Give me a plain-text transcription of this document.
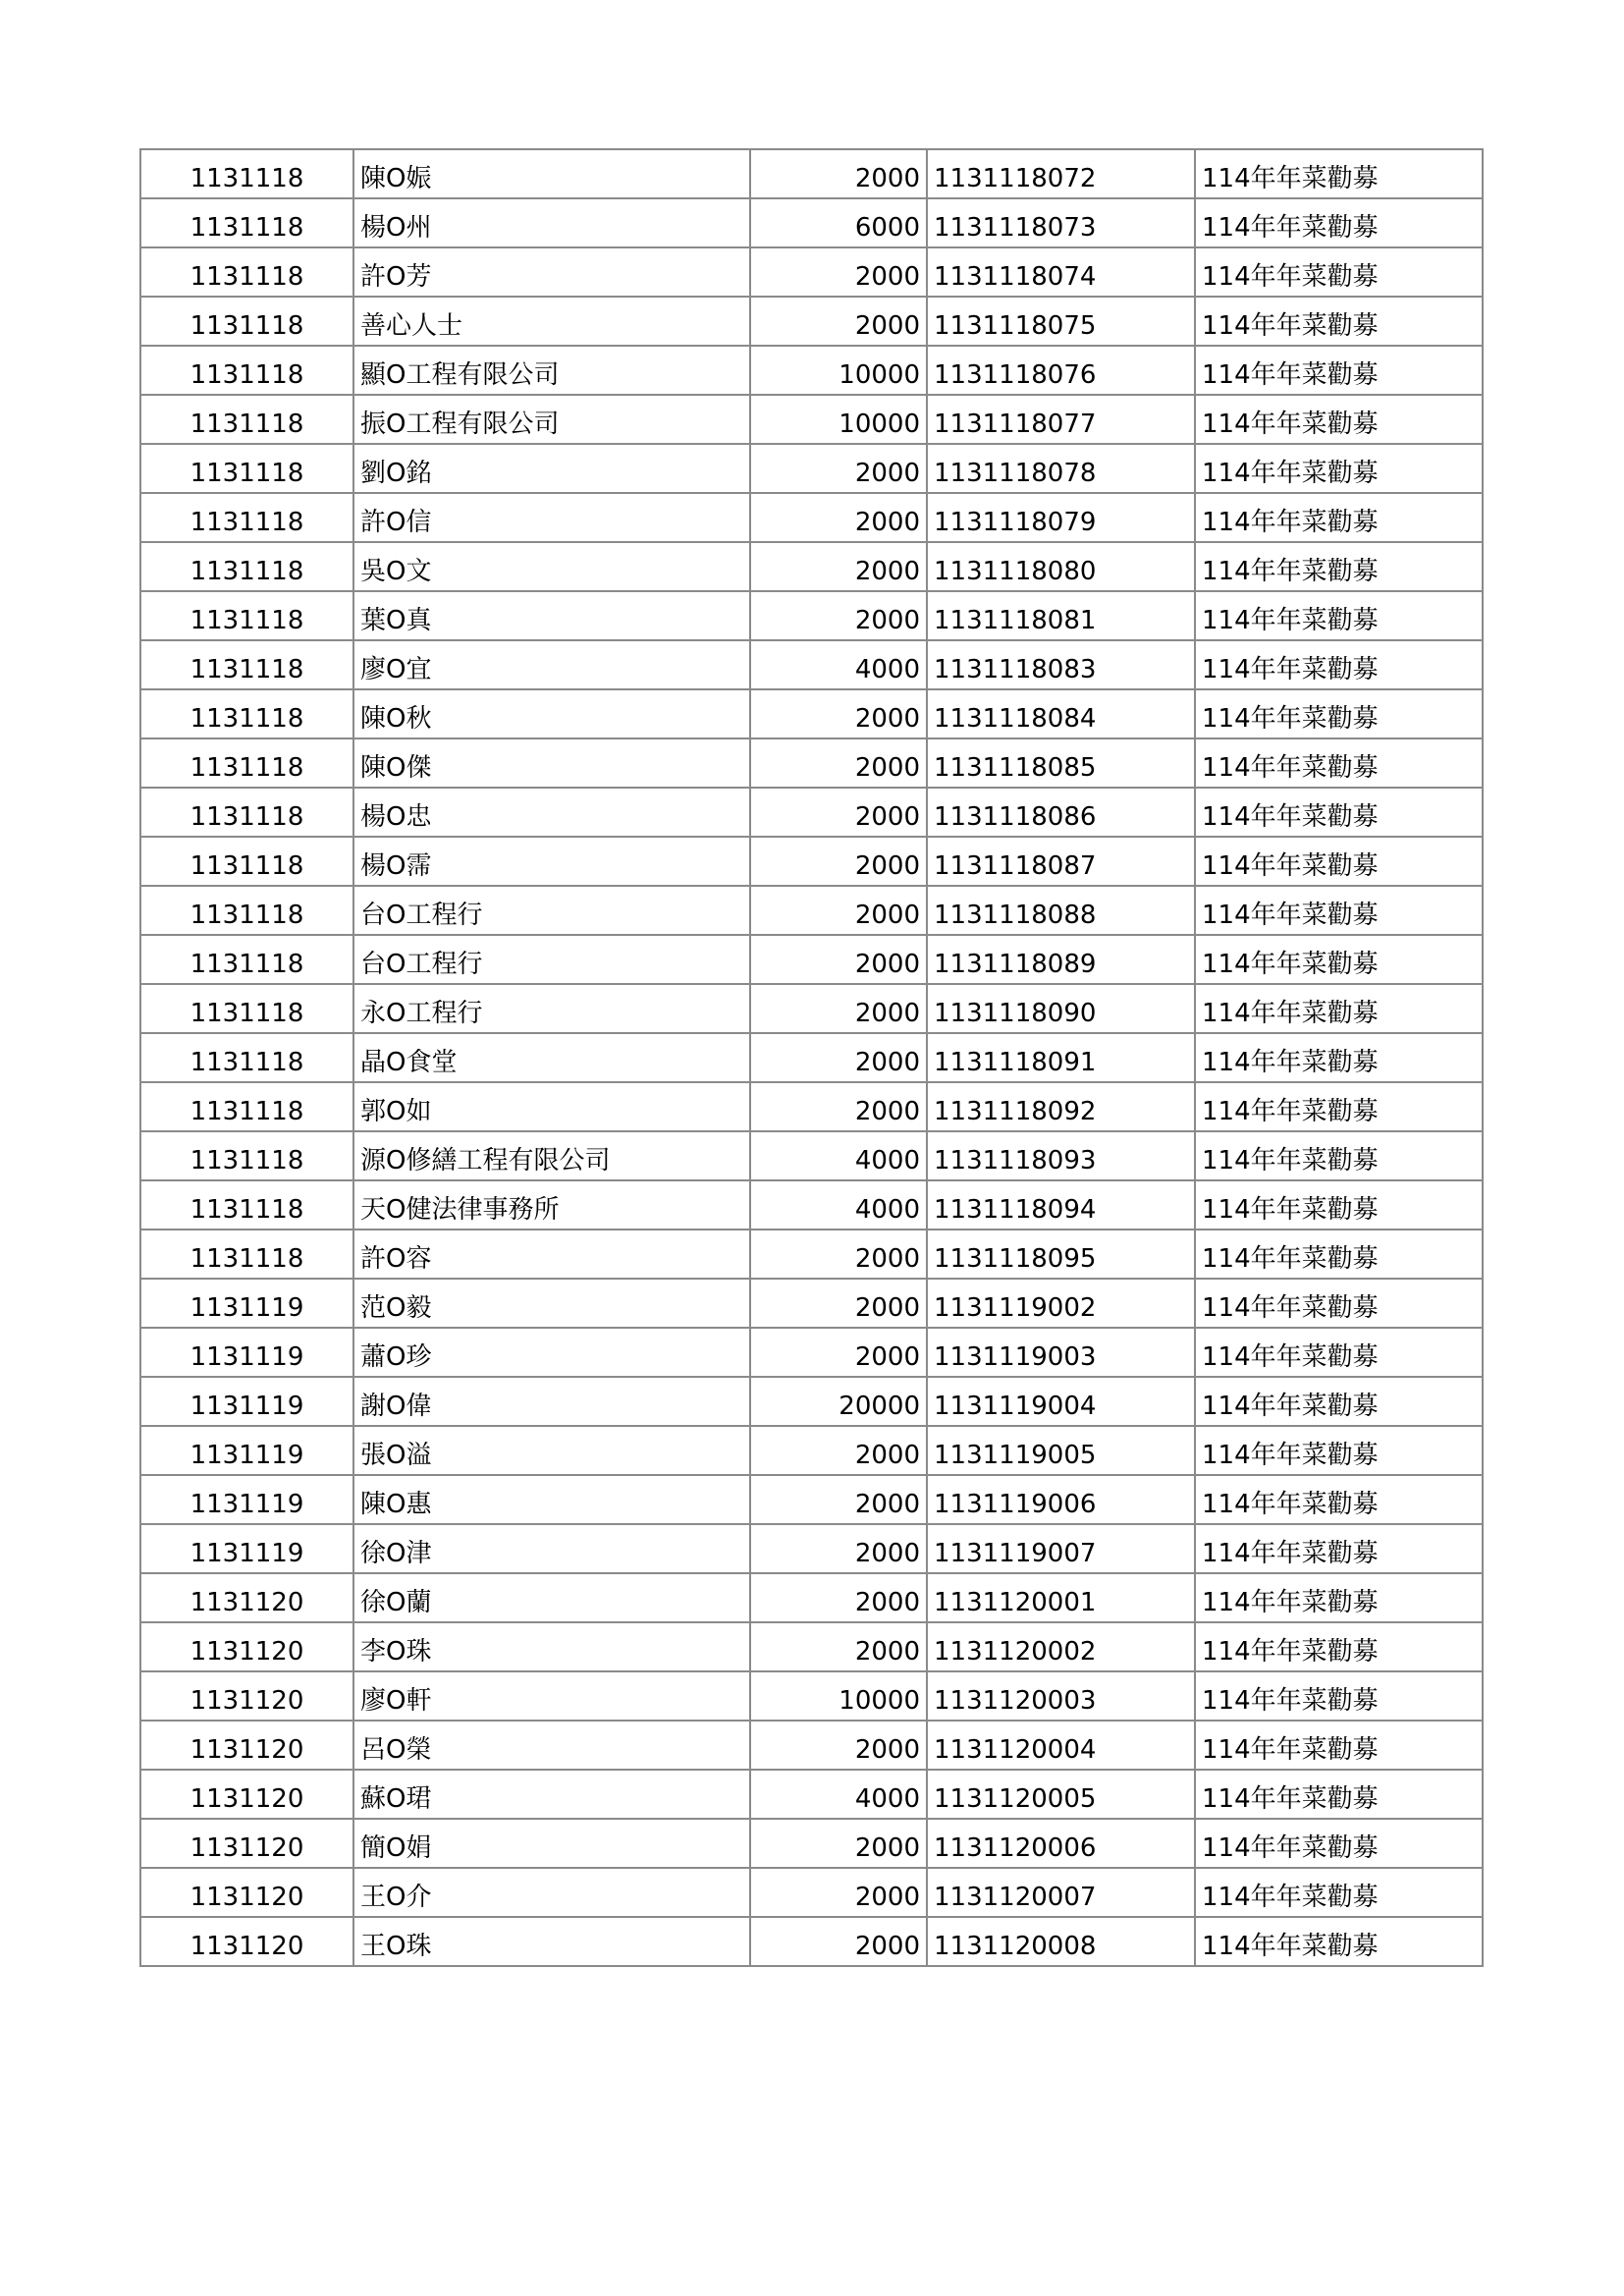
1131118	陳O娠	2000	1131118072	114年年菜勸募
1131118	楊O州	6000	1131118073	114年年菜勸募
1131118	許O芳	2000	1131118074	114年年菜勸募
1131118	善心人士	2000	1131118075	114年年菜勸募
1131118	顯O工程有限公司	10000	1131118076	114年年菜勸募
1131118	振O工程有限公司	10000	1131118077	114年年菜勸募
1131118	劉O銘	2000	1131118078	114年年菜勸募
1131118	許O信	2000	1131118079	114年年菜勸募
1131118	吳O文	2000	1131118080	114年年菜勸募
1131118	葉O真	2000	1131118081	114年年菜勸募
1131118	廖O宜	4000	1131118083	114年年菜勸募
1131118	陳O秋	2000	1131118084	114年年菜勸募
1131118	陳O傑	2000	1131118085	114年年菜勸募
1131118	楊O忠	2000	1131118086	114年年菜勸募
1131118	楊O霈	2000	1131118087	114年年菜勸募
1131118	台O工程行	2000	1131118088	114年年菜勸募
1131118	台O工程行	2000	1131118089	114年年菜勸募
1131118	永O工程行	2000	1131118090	114年年菜勸募
1131118	晶O食堂	2000	1131118091	114年年菜勸募
1131118	郭O如	2000	1131118092	114年年菜勸募
1131118	源O修繕工程有限公司	4000	1131118093	114年年菜勸募
1131118	天O健法律事務所	4000	1131118094	114年年菜勸募
1131118	許O容	2000	1131118095	114年年菜勸募
1131119	范O毅	2000	1131119002	114年年菜勸募
1131119	蕭O珍	2000	1131119003	114年年菜勸募
1131119	謝O偉	20000	1131119004	114年年菜勸募
1131119	張O溢	2000	1131119005	114年年菜勸募
1131119	陳O惠	2000	1131119006	114年年菜勸募
1131119	徐O津	2000	1131119007	114年年菜勸募
1131120	徐O蘭	2000	1131120001	114年年菜勸募
1131120	李O珠	2000	1131120002	114年年菜勸募
1131120	廖O軒	10000	1131120003	114年年菜勸募
1131120	呂O榮	2000	1131120004	114年年菜勸募
1131120	蘇O珺	4000	1131120005	114年年菜勸募
1131120	簡O娟	2000	1131120006	114年年菜勸募
1131120	王O介	2000	1131120007	114年年菜勸募
1131120	王O珠	2000	1131120008	114年年菜勸募
